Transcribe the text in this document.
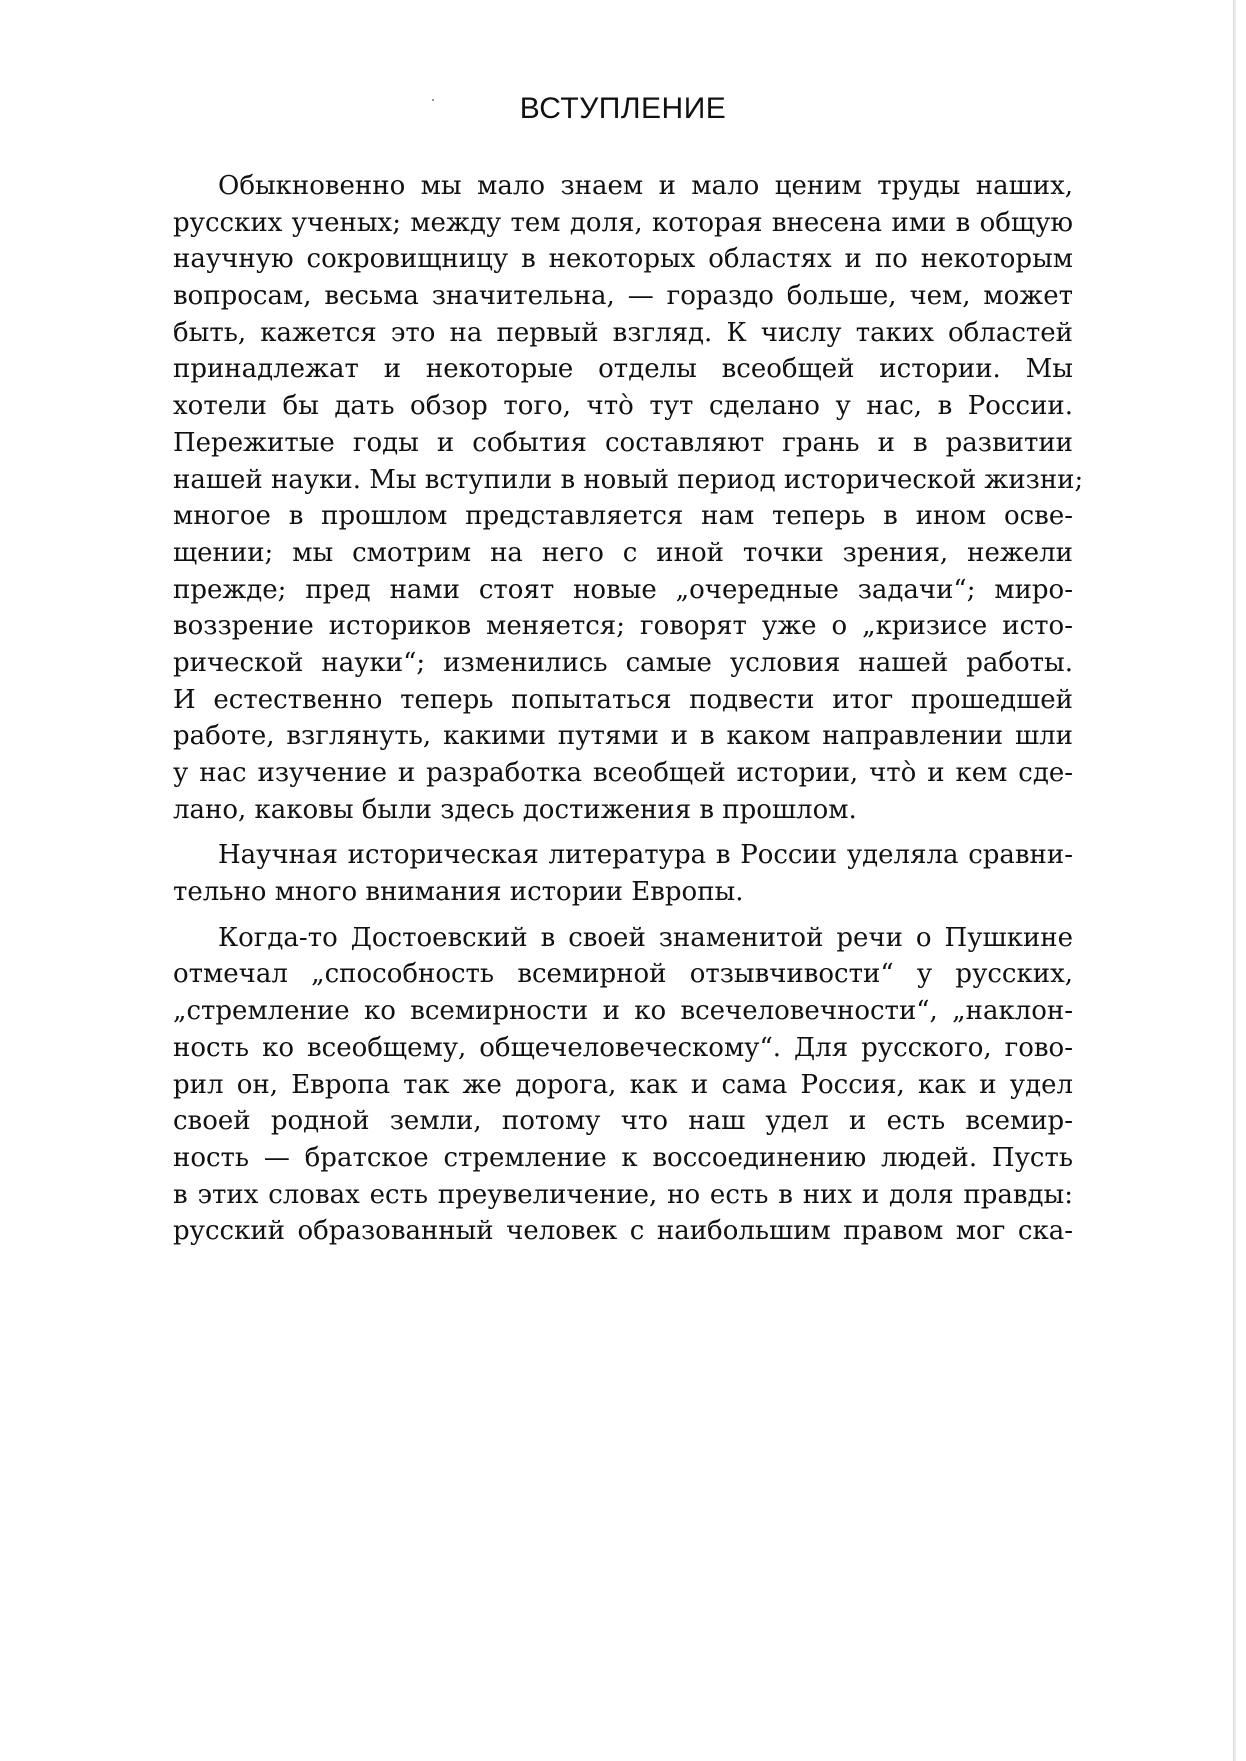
ВСТУПЛЕНИЕ

Обыкновенно мы мало знаем и мало ценим труды наших,
русских ученых; между тем доля, которая внесена ими в общую
научную сокровищницу в некоторых областях и по некоторым
вопросам, весьма значительна, — гораздо больше, чем, может
быть, кажется это на первый взгляд. К числу таких областей
принадлежат и некоторые отделы всеобщей истории. Мы
хотели бы дать обзор того, что̀ тут сделано у нас, в России.
Пережитые годы и события составляют грань и в развитии
нашей науки. Мы вступили в новый период исторической жизни;
многое в прошлом представляется нам теперь в ином осве-
щении; мы смотрим на него с иной точки зрения, нежели
прежде; пред нами стоят новые „очередные задачи“; миро-
воззрение историков меняется; говорят уже о „кризисе исто-
рической науки“; изменились самые условия нашей работы.
И естественно теперь попытаться подвести итог прошедшей
работе, взглянуть, какими путями и в каком направлении шли
у нас изучение и разработка всеобщей истории, что̀ и кем сде-
лано, каковы были здесь достижения в прошлом.

Научная историческая литература в России уделяла сравни-
тельно много внимания истории Европы.

Когда-то Достоевский в своей знаменитой речи о Пушкине
отмечал „способность всемирной отзывчивости“ у русских,
„стремление ко всемирности и ко всечеловечности“, „наклон-
ность ко всеобщему, общечеловеческому“. Для русского, гово-
рил он, Европа так же дорога, как и сама Россия, как и удел
своей родной земли, потому что наш удел и есть всемир-
ность — братское стремление к воссоединению людей. Пусть
в этих словах есть преувеличение, но есть в них и доля правды:
русский образованный человек с наибольшим правом мог ска-
